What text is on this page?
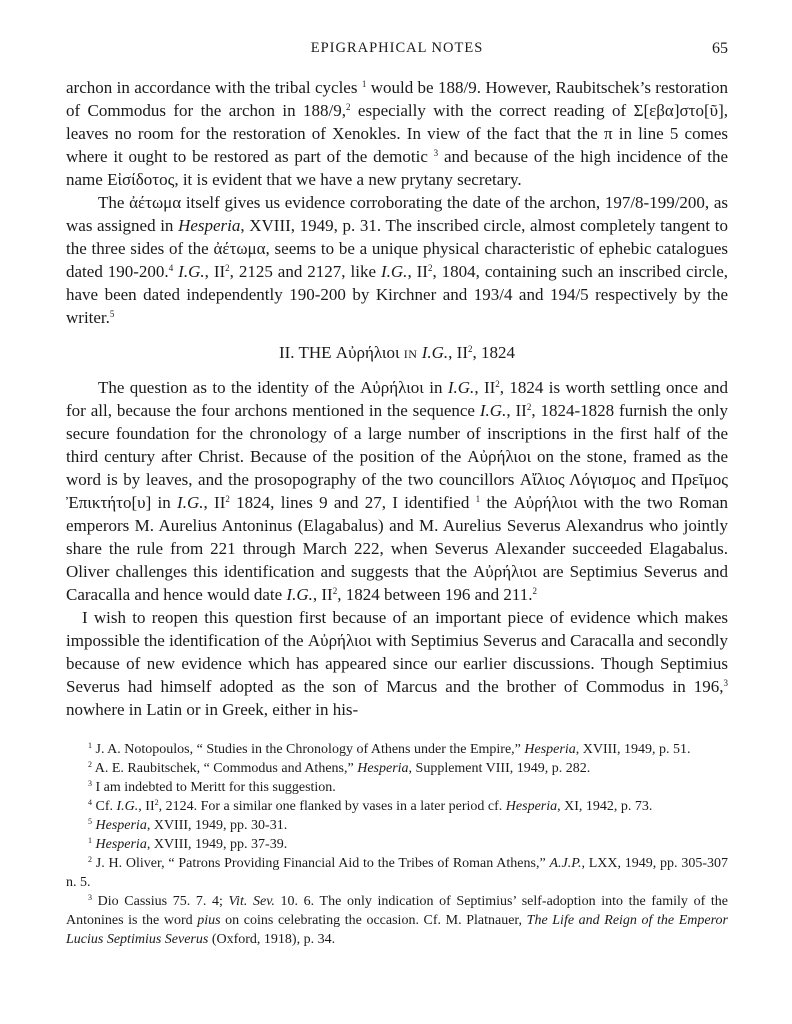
EPIGRAPHICAL NOTES	65

archon in accordance with the tribal cycles $^1$ would be 188/9. However, Raubitschek’s restoration of Commodus for the archon in 188/9,$^2$ especially with the correct reading of Σ[εβα]στο[ῦ], leaves no room for the restoration of Xenokles. In view of the fact that the π in line 5 comes where it ought to be restored as part of the demotic $^3$ and because of the high incidence of the name Εἰσίδοτος, it is evident that we have a new prytany secretary.

The ἀέτωμα itself gives us evidence corroborating the date of the archon, 197/8-199/200, as was assigned in Hesperia, XVIII, 1949, p. 31. The inscribed circle, almost completely tangent to the three sides of the ἀέτωμα, seems to be a unique physical characteristic of ephebic catalogues dated 190-200.$^4$ I.G., $II^2$, 2125 and 2127, like I.G., $II^2$, 1804, containing such an inscribed circle, have been dated independently 190-200 by Kirchner and 193/4 and 194/5 respectively by the writer.$^5$

II. THE Αὐρήλιοι IN I.G., $II^2$, 1824

The question as to the identity of the Αὐρήλιοι in I.G., $II^2$, 1824 is worth settling once and for all, because the four archons mentioned in the sequence I.G., $II^2$, 1824-1828 furnish the only secure foundation for the chronology of a large number of inscriptions in the first half of the third century after Christ. Because of the position of the Αὐρήλιοι on the stone, framed as the word is by leaves, and the prosopography of the two councillors Αἴλιος Λόγισμος and Πρεῖμος Ἐπικτήτο[υ] in I.G., $II^2$ 1824, lines 9 and 27, I identified $^1$ the Αὐρήλιοι with the two Roman emperors M. Aurelius Antoninus (Elagabalus) and M. Aurelius Severus Alexandrus who jointly share the rule from 221 through March 222, when Severus Alexander succeeded Elagabalus. Oliver challenges this identification and suggests that the Αὐρήλιοι are Septimius Severus and Caracalla and hence would date I.G., $II^2$, 1824 between 196 and 211.$^2$

I wish to reopen this question first because of an important piece of evidence which makes impossible the identification of the Αὐρήλιοι with Septimius Severus and Caracalla and secondly because of new evidence which has appeared since our earlier discussions. Though Septimius Severus had himself adopted as the son of Marcus and the brother of Commodus in 196,$^3$ nowhere in Latin or in Greek, either in his-

$^1$ J. A. Notopoulos, “ Studies in the Chronology of Athens under the Empire,” Hesperia, XVIII, 1949, p. 51.

$^2$ A. E. Raubitschek, “ Commodus and Athens,” Hesperia, Supplement VIII, 1949, p. 282.

$^3$ I am indebted to Meritt for this suggestion.

$^4$ Cf. I.G., $II^2$, 2124. For a similar one flanked by vases in a later period cf. Hesperia, XI, 1942, p. 73.

$^5$ Hesperia, XVIII, 1949, pp. 30-31.

$^1$ Hesperia, XVIII, 1949, pp. 37-39.

$^2$ J. H. Oliver, “ Patrons Providing Financial Aid to the Tribes of Roman Athens,” A.J.P., LXX, 1949, pp. 305-307 n. 5.

$^3$ Dio Cassius 75. 7. 4; Vit. Sev. 10. 6. The only indication of Septimius’ self-adoption into the family of the Antonines is the word pius on coins celebrating the occasion. Cf. M. Platnauer, The Life and Reign of the Emperor Lucius Septimius Severus (Oxford, 1918), p. 34.
